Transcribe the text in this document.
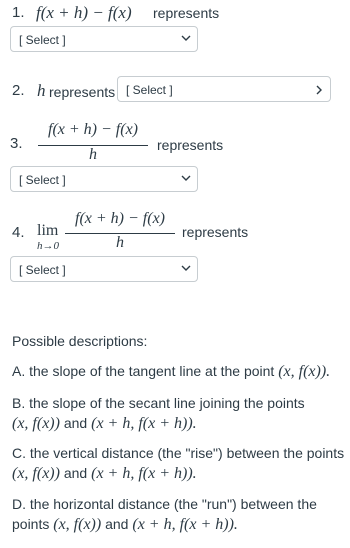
1. f(x + h) − f(x) represents
[ Select ]
2. h represents [ Select ]
3.
f(x + h) − f(x)
h
represents
[ Select ]
4. lim
h→0
f(x + h) − f(x)
h
represents
[ Select ]
Possible descriptions:
A. the slope of the tangent line at the point (x, f(x)).
B. the slope of the secant line joining the points
(x, f(x)) and (x + h, f(x + h)).
C. the vertical distance (the "rise") between the points
(x, f(x)) and (x + h, f(x + h)).
D. the horizontal distance (the "run") between the
points (x, f(x)) and (x + h, f(x + h)).
